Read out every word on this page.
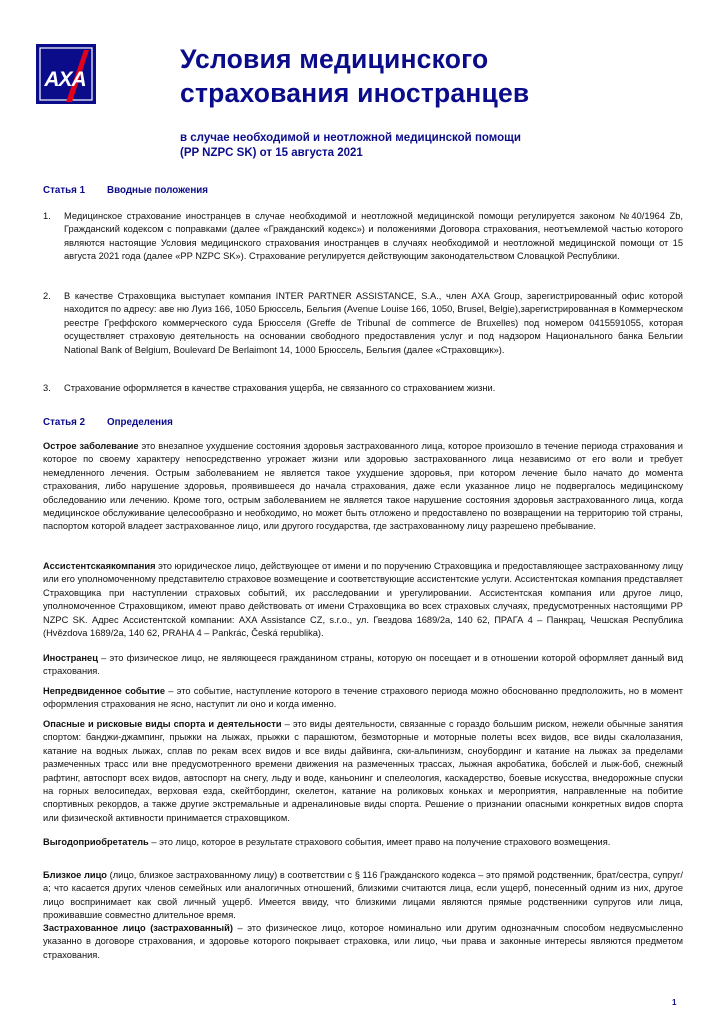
AXA
Условия медицинского
страхования иностранцев
в случае необходимой и неотложной медицинской помощи
(PP NZPC SK) от 15 августа 2021
Статья 1 Вводные положения
1. Медицинское страхование иностранцев в случае необходимой и неотложной медицинской помощи регулируется законом №40/1964 Zb, Гражданский кодексом с поправками (далее «Гражданский кодекс») и положениями Договора страхования, неотъемлемой частью которого являются настоящие Условия медицинского страхования иностранцев в случаях необходимой и неотложной медицинской помощи от 15 августа 2021 года (далее «PP NZPC SK»). Страхование регулируется действующим законодательством Словацкой Республики.
2. В качестве Страховщика выступает компания INTER PARTNER ASSISTANCE, S.A., член AXA Group, зарегистрированный офис которой находится по адресу: аве ню Луиз 166, 1050 Брюссель, Бельгия (Avenue Louise 166, 1050, Brusel, Belgie),зарегистрированная в Коммерческом реестре Греффского коммерческого суда Брюсселя (Greffe de Tribunal de commerce de Bruxelles) под номером 0415591055, которая осуществляет страховую деятельность на основании свободного предоставления услуг и под надзором Национального банка Бельгии National Bank of Belgium, Boulevard De Berlaimont 14, 1000 Брюссель, Бельгия (далее «Страховщик»).
3. Страхование оформляется в качестве страхования ущерба, не связанного со страхованием жизни.
Статья 2 Определения
Острое заболевание это внезапное ухудшение состояния здоровья застрахованного лица, которое произошло в течение периода страхования и которое по своему характеру непосредственно угрожает жизни или здоровью застрахованного лица независимо от его воли и требует немедленного лечения. Острым заболеванием не является такое ухудшение здоровья, при котором лечение было начато до момента страхования, либо нарушение здоровья, проявившееся до начала страхования, даже если указанное лицо не подвергалось медицинскому обследованию или лечению. Кроме того, острым заболеванием не является такое нарушение состояния здоровья застрахованного лица, когда медицинское обслуживание целесообразно и необходимо, но может быть отложено и предоставлено по возвращении на территорию той страны, паспортом которой владеет застрахованное лицо, или другого государства, где застрахованному лицу разрешено пребывание.
Ассистентскаякомпания это юридическое лицо, действующее от имени и по поручению Страховщика и предоставляющее застрахованному лицу или его уполномоченному представителю страховое возмещение и соответствующие ассистентские услуги. Ассистентская компания представляет Страховщика при наступлении страховых событий, их расследовании и урегулировании. Ассистентская компания или другое лицо, уполномоченное Страховщиком, имеют право действовать от имени Страховщика во всех страховых случаях, предусмотренных настоящими PP NZPC SK. Адрес Ассистентской компании: AXA Assistance CZ, s.r.o., ул. Гвездова 1689/2a, 140 62, ПРАГА 4 – Панкрац, Чешская Республика (Hvězdova 1689/2a, 140 62, PRAHA 4 – Pankrác, Česká republika).
Иностранец – это физическое лицо, не являющееся гражданином страны, которую он посещает и в отношении которой оформляет данный вид страхования.
Непредвиденное событие – это событие, наступление которого в течение страхового периода можно обоснованно предположить, но в момент оформления страхования не ясно, наступит ли оно и когда именно.
Опасные и рисковые виды спорта и деятельности – это виды деятельности, связанные с гораздо большим риском, нежели обычные занятия спортом: банджи-джампинг, прыжки на лыжах, прыжки с парашютом, безмоторные и моторные полеты всех видов, все виды скалолазания, катание на водных лыжах, сплав по рекам всех видов и все виды дайвинга, ски-альпинизм, сноубординг и катание на лыжах за пределами размеченных трасс или вне предусмотренного времени движения на размеченных трассах, лыжная акробатика, бобслей и лыж-боб, снежный рафтинг, автоспорт всех видов, автоспорт на снегу, льду и воде, каньонинг и спелеология, каскадерство, боевые искусства, внедорожные спуски на горных велосипедах, верховая езда, скейтбординг, скелетон, катание на роликовых коньках и мероприятия, направленные на побитие спортивных рекордов, а также другие экстремальные и адреналиновые виды спорта. Решение о признании опасными конкретных видов спорта или физической активности принимается страховщиком.
Выгодоприобретатель – это лицо, которое в результате страхового события, имеет право на получение страхового возмещения.
Близкое лицо (лицо, близкое застрахованному лицу) в соответствии с § 116 Гражданского кодекса – это прямой родственник, брат/сестра, супруг/а; что касается других членов семейных или аналогичных отношений, близкими считаются лица, если ущерб, понесенный одним из них, другое лицо воспринимает как свой личный ущерб. Имеется ввиду, что близкими лицами являются прямые родственники супругов или лица, проживавшие совместно длительное время.
Застрахованное лицо (застрахованный) – это физическое лицо, которое номинально или другим однозначным способом недвусмысленно указанно в договоре страхования, и здоровье которого покрывает страховка, или лицо, чьи права и законные интересы являются предметом страхования.
1
